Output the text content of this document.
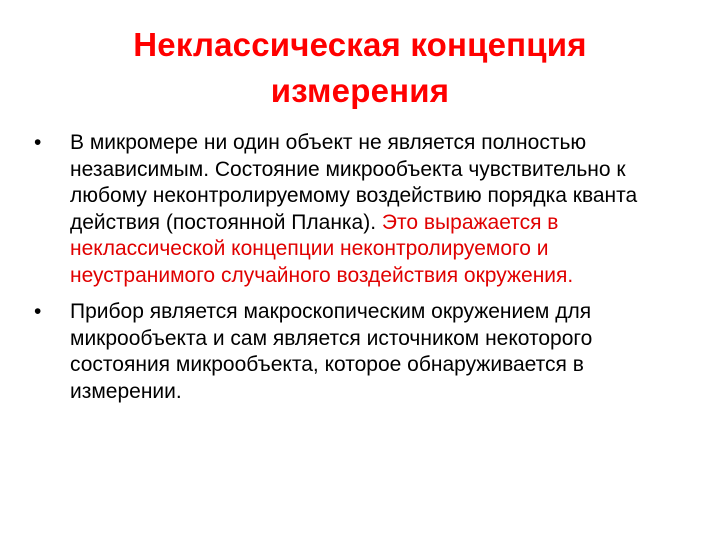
Неклассическая концепция измерения
•	В микромере ни один объект не является полностью независимым. Состояние микрообъекта чувствительно к любому неконтролируемому воздействию порядка кванта действия (постоянной Планка). Это выражается в неклассической концепции неконтролируемого и неустранимого случайного воздействия окружения.
•	Прибор является макроскопическим окружением для микрообъекта и сам является источником некоторого состояния микрообъекта, которое обнаруживается в измерении.
